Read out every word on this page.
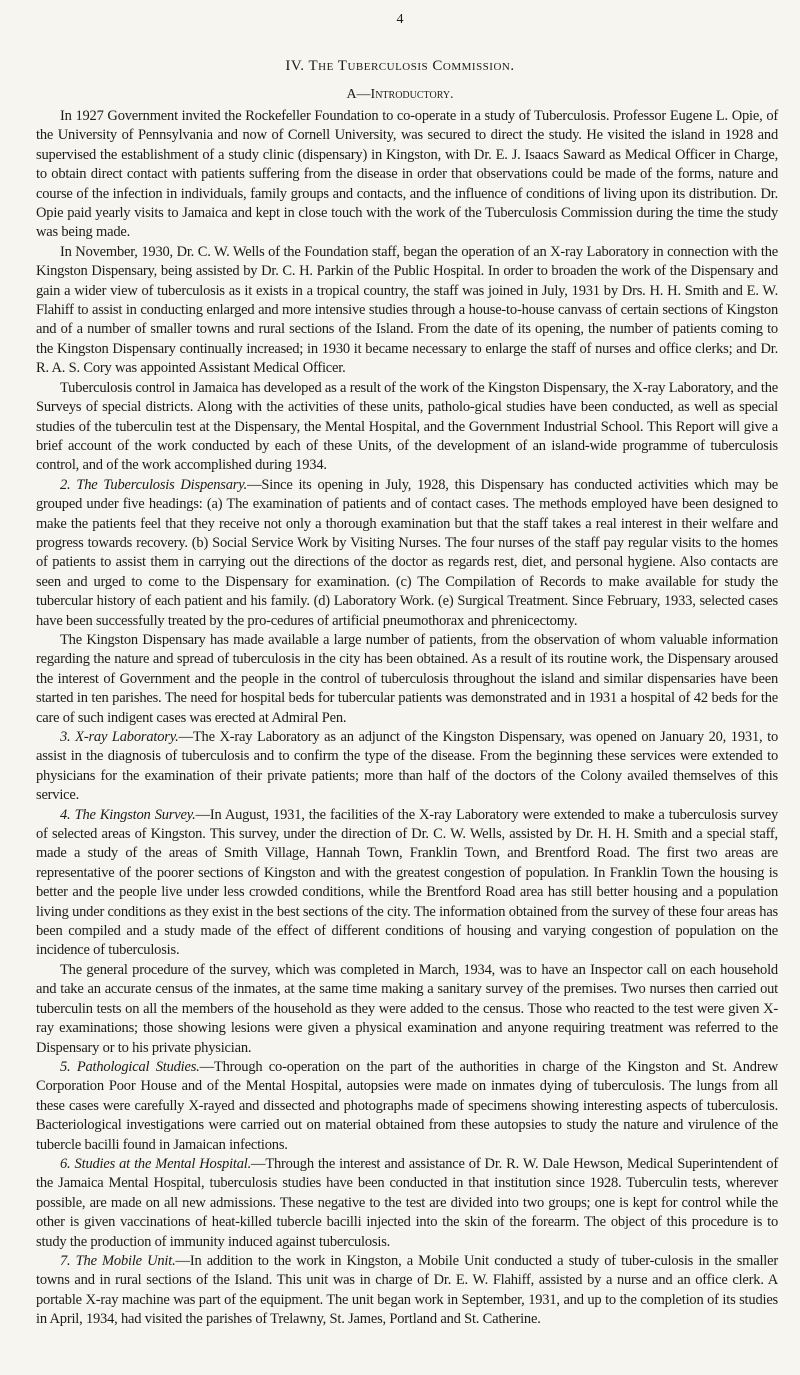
4
IV. The Tuberculosis Commission.
A—Introductory.

In 1927 Government invited the Rockefeller Foundation to co-operate in a study of Tuberculosis. Professor Eugene L. Opie, of the University of Pennsylvania and now of Cornell University, was secured to direct the study. He visited the island in 1928 and supervised the establishment of a study clinic (dispensary) in Kingston, with Dr. E. J. Isaacs Saward as Medical Officer in Charge, to obtain direct contact with patients suffering from the disease in order that observations could be made of the forms, nature and course of the infection in individuals, family groups and contacts, and the influence of conditions of living upon its distribution. Dr. Opie paid yearly visits to Jamaica and kept in close touch with the work of the Tuberculosis Commission during the time the study was being made.

In November, 1930, Dr. C. W. Wells of the Foundation staff, began the operation of an X-ray Laboratory in connection with the Kingston Dispensary, being assisted by Dr. C. H. Parkin of the Public Hospital. In order to broaden the work of the Dispensary and gain a wider view of tuberculosis as it exists in a tropical country, the staff was joined in July, 1931 by Drs. H. H. Smith and E. W. Flahiff to assist in conducting enlarged and more intensive studies through a house-to-house canvass of certain sections of Kingston and of a number of smaller towns and rural sections of the Island. From the date of its opening, the number of patients coming to the Kingston Dispensary continually increased; in 1930 it became necessary to enlarge the staff of nurses and office clerks; and Dr. R. A. S. Cory was appointed Assistant Medical Officer.

Tuberculosis control in Jamaica has developed as a result of the work of the Kingston Dispensary, the X-ray Laboratory, and the Surveys of special districts. Along with the activities of these units, patholo-gical studies have been conducted, as well as special studies of the tuberculin test at the Dispensary, the Mental Hospital, and the Government Industrial School. This Report will give a brief account of the work conducted by each of these Units, of the development of an island-wide programme of tuberculosis control, and of the work accomplished during 1934.

2. The Tuberculosis Dispensary.—Since its opening in July, 1928, this Dispensary has conducted activities which may be grouped under five headings: (a) The examination of patients and of contact cases. The methods employed have been designed to make the patients feel that they receive not only a thorough examination but that the staff takes a real interest in their welfare and progress towards recovery. (b) Social Service Work by Visiting Nurses. The four nurses of the staff pay regular visits to the homes of patients to assist them in carrying out the directions of the doctor as regards rest, diet, and personal hygiene. Also contacts are seen and urged to come to the Dispensary for examination. (c) The Compilation of Records to make available for study the tubercular history of each patient and his family. (d) Laboratory Work. (e) Surgical Treatment. Since February, 1933, selected cases have been successfully treated by the pro-cedures of artificial pneumothorax and phrenicectomy.

The Kingston Dispensary has made available a large number of patients, from the observation of whom valuable information regarding the nature and spread of tuberculosis in the city has been obtained. As a result of its routine work, the Dispensary aroused the interest of Government and the people in the control of tuberculosis throughout the island and similar dispensaries have been started in ten parishes. The need for hospital beds for tubercular patients was demonstrated and in 1931 a hospital of 42 beds for the care of such indigent cases was erected at Admiral Pen.

3. X-ray Laboratory.—The X-ray Laboratory as an adjunct of the Kingston Dispensary, was opened on January 20, 1931, to assist in the diagnosis of tuberculosis and to confirm the type of the disease. From the beginning these services were extended to physicians for the examination of their private patients; more than half of the doctors of the Colony availed themselves of this service.

4. The Kingston Survey.—In August, 1931, the facilities of the X-ray Laboratory were extended to make a tuberculosis survey of selected areas of Kingston. This survey, under the direction of Dr. C. W. Wells, assisted by Dr. H. H. Smith and a special staff, made a study of the areas of Smith Village, Hannah Town, Franklin Town, and Brentford Road. The first two areas are representative of the poorer sections of Kingston and with the greatest congestion of population. In Franklin Town the housing is better and the people live under less crowded conditions, while the Brentford Road area has still better housing and a population living under conditions as they exist in the best sections of the city. The information obtained from the survey of these four areas has been compiled and a study made of the effect of different conditions of housing and varying congestion of population on the incidence of tuberculosis.

The general procedure of the survey, which was completed in March, 1934, was to have an Inspector call on each household and take an accurate census of the inmates, at the same time making a sanitary survey of the premises. Two nurses then carried out tuberculin tests on all the members of the household as they were added to the census. Those who reacted to the test were given X-ray examinations; those showing lesions were given a physical examination and anyone requiring treatment was referred to the Dispensary or to his private physician.

5. Pathological Studies.—Through co-operation on the part of the authorities in charge of the Kingston and St. Andrew Corporation Poor House and of the Mental Hospital, autopsies were made on inmates dying of tuberculosis. The lungs from all these cases were carefully X-rayed and dissected and photographs made of specimens showing interesting aspects of tuberculosis. Bacteriological investigations were carried out on material obtained from these autopsies to study the nature and virulence of the tubercle bacilli found in Jamaican infections.

6. Studies at the Mental Hospital.—Through the interest and assistance of Dr. R. W. Dale Hewson, Medical Superintendent of the Jamaica Mental Hospital, tuberculosis studies have been conducted in that institution since 1928. Tuberculin tests, wherever possible, are made on all new admissions. These negative to the test are divided into two groups; one is kept for control while the other is given vaccinations of heat-killed tubercle bacilli injected into the skin of the forearm. The object of this procedure is to study the production of immunity induced against tuberculosis.

7. The Mobile Unit.—In addition to the work in Kingston, a Mobile Unit conducted a study of tuber-culosis in the smaller towns and in rural sections of the Island. This unit was in charge of Dr. E. W. Flahiff, assisted by a nurse and an office clerk. A portable X-ray machine was part of the equipment. The unit began work in September, 1931, and up to the completion of its studies in April, 1934, had visited the parishes of Trelawny, St. James, Portland and St. Catherine.
